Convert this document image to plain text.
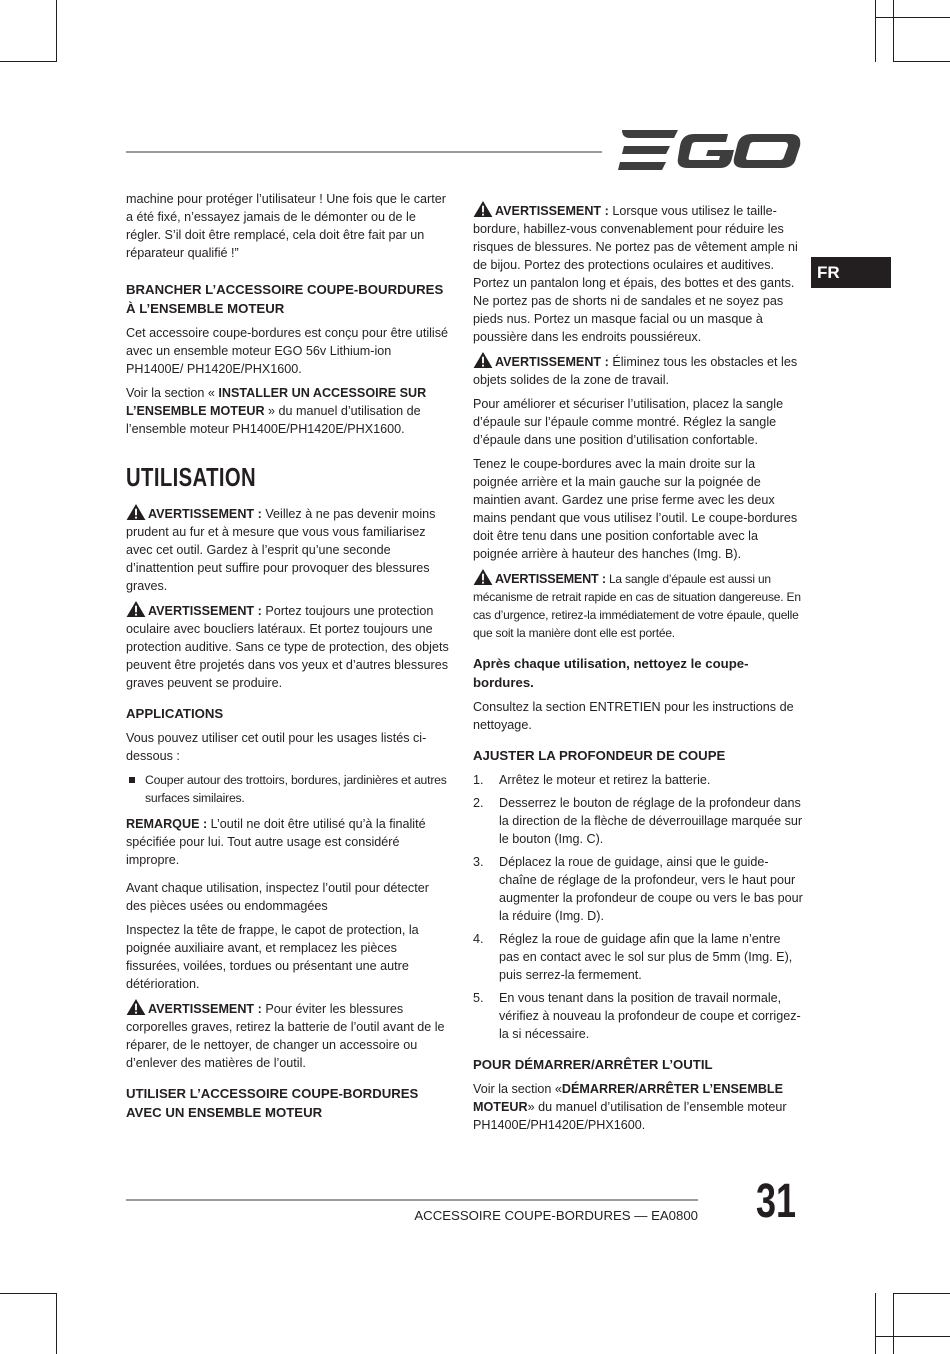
FR

machine pour protéger l’utilisateur ! Une fois que le carter a été fixé, n’essayez jamais de le démonter ou de le régler. S’il doit être remplacé, cela doit être fait par un réparateur qualifié !”

BRANCHER L’ACCESSOIRE COUPE-BOURDURES À L’ENSEMBLE MOTEUR

Cet accessoire coupe-bordures est conçu pour être utilisé avec un ensemble moteur EGO 56v Lithium-ion PH1400E/ PH1420E/PHX1600.

Voir la section « INSTALLER UN ACCESSOIRE SUR L’ENSEMBLE MOTEUR » du manuel d’utilisation de l’ensemble moteur PH1400E/PH1420E/PHX1600.

UTILISATION

AVERTISSEMENT : Veillez à ne pas devenir moins prudent au fur et à mesure que vous vous familiarisez avec cet outil. Gardez à l’esprit qu’une seconde d’inattention peut suffire pour provoquer des blessures graves.

AVERTISSEMENT : Portez toujours une protection oculaire avec boucliers latéraux. Et portez toujours une protection auditive. Sans ce type de protection, des objets peuvent être projetés dans vos yeux et d’autres blessures graves peuvent se produire.

APPLICATIONS

Vous pouvez utiliser cet outil pour les usages listés ci-dessous :

Couper autour des trottoirs, bordures, jardinières et autres surfaces similaires.

REMARQUE : L’outil ne doit être utilisé qu’à la finalité spécifiée pour lui. Tout autre usage est considéré impropre.

Avant chaque utilisation, inspectez l’outil pour détecter des pièces usées ou endommagées

Inspectez la tête de frappe, le capot de protection, la poignée auxiliaire avant, et remplacez les pièces fissurées, voilées, tordues ou présentant une autre détérioration.

AVERTISSEMENT : Pour éviter les blessures corporelles graves, retirez la batterie de l’outil avant de le réparer, de le nettoyer, de changer un accessoire ou d’enlever des matières de l’outil.

UTILISER L’ACCESSOIRE COUPE-BORDURES AVEC UN ENSEMBLE MOTEUR

AVERTISSEMENT : Lorsque vous utilisez le taille-bordure, habillez-vous convenablement pour réduire les risques de blessures. Ne portez pas de vêtement ample ni de bijou. Portez des protections oculaires et auditives. Portez un pantalon long et épais, des bottes et des gants. Ne portez pas de shorts ni de sandales et ne soyez pas pieds nus. Portez un masque facial ou un masque à poussière dans les endroits poussiéreux.

AVERTISSEMENT : Éliminez tous les obstacles et les objets solides de la zone de travail.

Pour améliorer et sécuriser l’utilisation, placez la sangle d’épaule sur l’épaule comme montré. Réglez la sangle d’épaule dans une position d’utilisation confortable.

Tenez le coupe-bordures avec la main droite sur la poignée arrière et la main gauche sur la poignée de maintien avant. Gardez une prise ferme avec les deux mains pendant que vous utilisez l’outil. Le coupe-bordures doit être tenu dans une position confortable avec la poignée arrière à hauteur des hanches (Img. B).

AVERTISSEMENT : La sangle d’épaule est aussi un mécanisme de retrait rapide en cas de situation dangereuse. En cas d’urgence, retirez-la immédiatement de votre épaule, quelle que soit la manière dont elle est portée.

Après chaque utilisation, nettoyez le coupe-bordures.

Consultez la section ENTRETIEN pour les instructions de nettoyage.

AJUSTER LA PROFONDEUR DE COUPE
1.	Arrêtez le moteur et retirez la batterie.
2.	Desserrez le bouton de réglage de la profondeur dans la direction de la flèche de déverrouillage marquée sur le bouton (Img. C).
3.	Déplacez la roue de guidage, ainsi que le guide-chaîne de réglage de la profondeur, vers le haut pour augmenter la profondeur de coupe ou vers le bas pour la réduire (Img. D).
4.	Réglez la roue de guidage afin que la lame n’entre pas en contact avec le sol sur plus de 5mm (Img. E), puis serrez-la fermement.
5.	En vous tenant dans la position de travail normale, vérifiez à nouveau la profondeur de coupe et corrigez-la si nécessaire.
POUR DÉMARRER/ARRÊTER L’OUTIL

Voir la section «DÉMARRER/ARRÊTER L’ENSEMBLE MOTEUR» du manuel d’utilisation de l’ensemble moteur PH1400E/PH1420E/PHX1600.

ACCESSOIRE COUPE-BORDURES — EA0800 31
